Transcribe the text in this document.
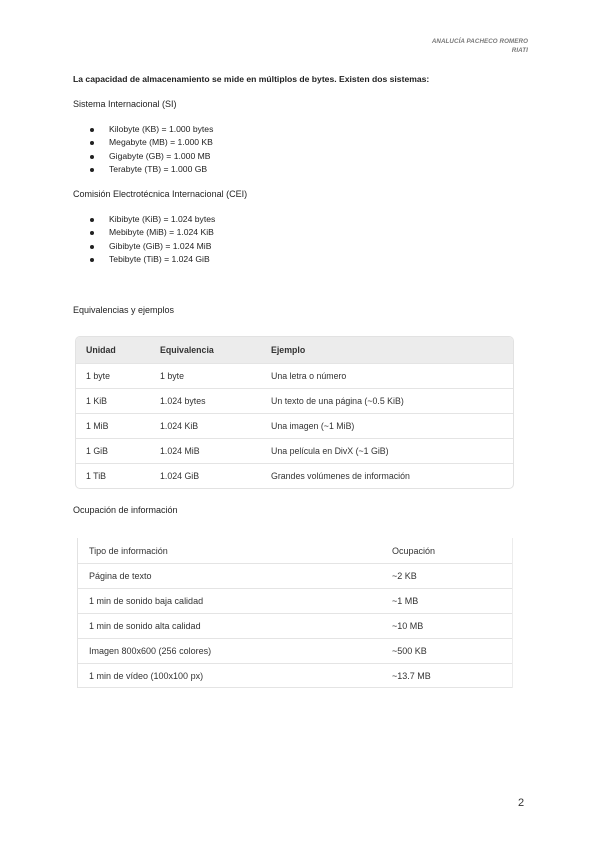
ANALUCÍA PACHECO ROMERO
RIATI
La capacidad de almacenamiento se mide en múltiplos de bytes. Existen dos sistemas:
Sistema Internacional (SI)
Kilobyte (KB) = 1.000 bytes
Megabyte (MB) = 1.000 KB
Gigabyte (GB) = 1.000 MB
Terabyte (TB) = 1.000 GB
Comisión Electrotécnica Internacional (CEI)
Kibibyte (KiB) = 1.024 bytes
Mebibyte (MiB) = 1.024 KiB
Gibibyte (GiB) = 1.024 MiB
Tebibyte (TiB) = 1.024 GiB
Equivalencias y ejemplos
Unidad	Equivalencia	Ejemplo
1 byte	1 byte	Una letra o número
1 KiB	1.024 bytes	Un texto de una página (~0.5 KiB)
1 MiB	1.024 KiB	Una imagen (~1 MiB)
1 GiB	1.024 MiB	Una película en DivX (~1 GiB)
1 TiB	1.024 GiB	Grandes volúmenes de información
Ocupación de información
Tipo de información	Ocupación
Página de texto	~2 KB
1 min de sonido baja calidad	~1 MB
1 min de sonido alta calidad	~10 MB
Imagen 800x600 (256 colores)	~500 KB
1 min de vídeo (100x100 px)	~13.7 MB
2
